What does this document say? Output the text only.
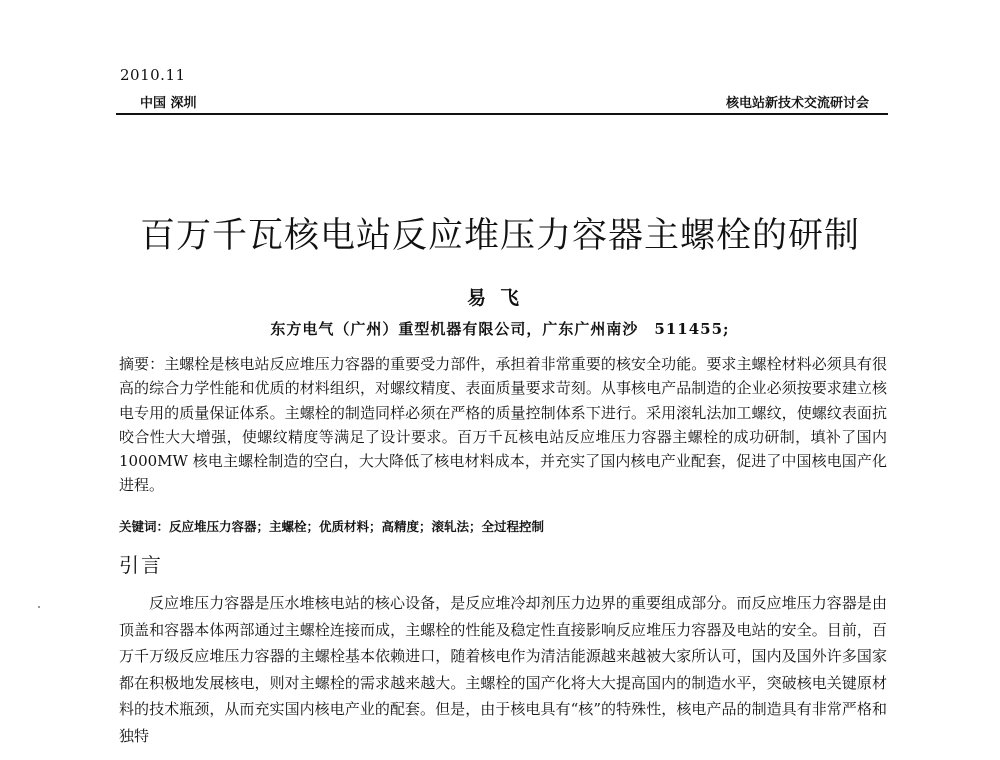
2010.11
中国 深圳	核电站新技术交流研讨会
百万千瓦核电站反应堆压力容器主螺栓的研制
易飞
东方电气（广州）重型机器有限公司，广东广州南沙　511455;
摘要：主螺栓是核电站反应堆压力容器的重要受力部件，承担着非常重要的核安全功能。要求主螺栓材料必须具有很高的综合力学性能和优质的材料组织，对螺纹精度、表面质量要求苛刻。从事核电产品制造的企业必须按要求建立核电专用的质量保证体系。主螺栓的制造同样必须在严格的质量控制体系下进行。采用滚轧法加工螺纹，使螺纹表面抗咬合性大大增强，使螺纹精度等满足了设计要求。百万千瓦核电站反应堆压力容器主螺栓的成功研制，填补了国内 1000MW 核电主螺栓制造的空白，大大降低了核电材料成本，并充实了国内核电产业配套，促进了中国核电国产化进程。
关键词：反应堆压力容器；主螺栓；优质材料；高精度；滚轧法；全过程控制
引言
反应堆压力容器是压水堆核电站的核心设备，是反应堆冷却剂压力边界的重要组成部分。而反应堆压力容器是由顶盖和容器本体两部通过主螺栓连接而成，主螺栓的性能及稳定性直接影响反应堆压力容器及电站的安全。目前，百万千万级反应堆压力容器的主螺栓基本依赖进口，随着核电作为清洁能源越来越被大家所认可，国内及国外许多国家都在积极地发展核电，则对主螺栓的需求越来越大。主螺栓的国产化将大大提高国内的制造水平，突破核电关键原材料的技术瓶颈，从而充实国内核电产业的配套。但是，由于核电具有“核”的特殊性，核电产品的制造具有非常严格和独特
